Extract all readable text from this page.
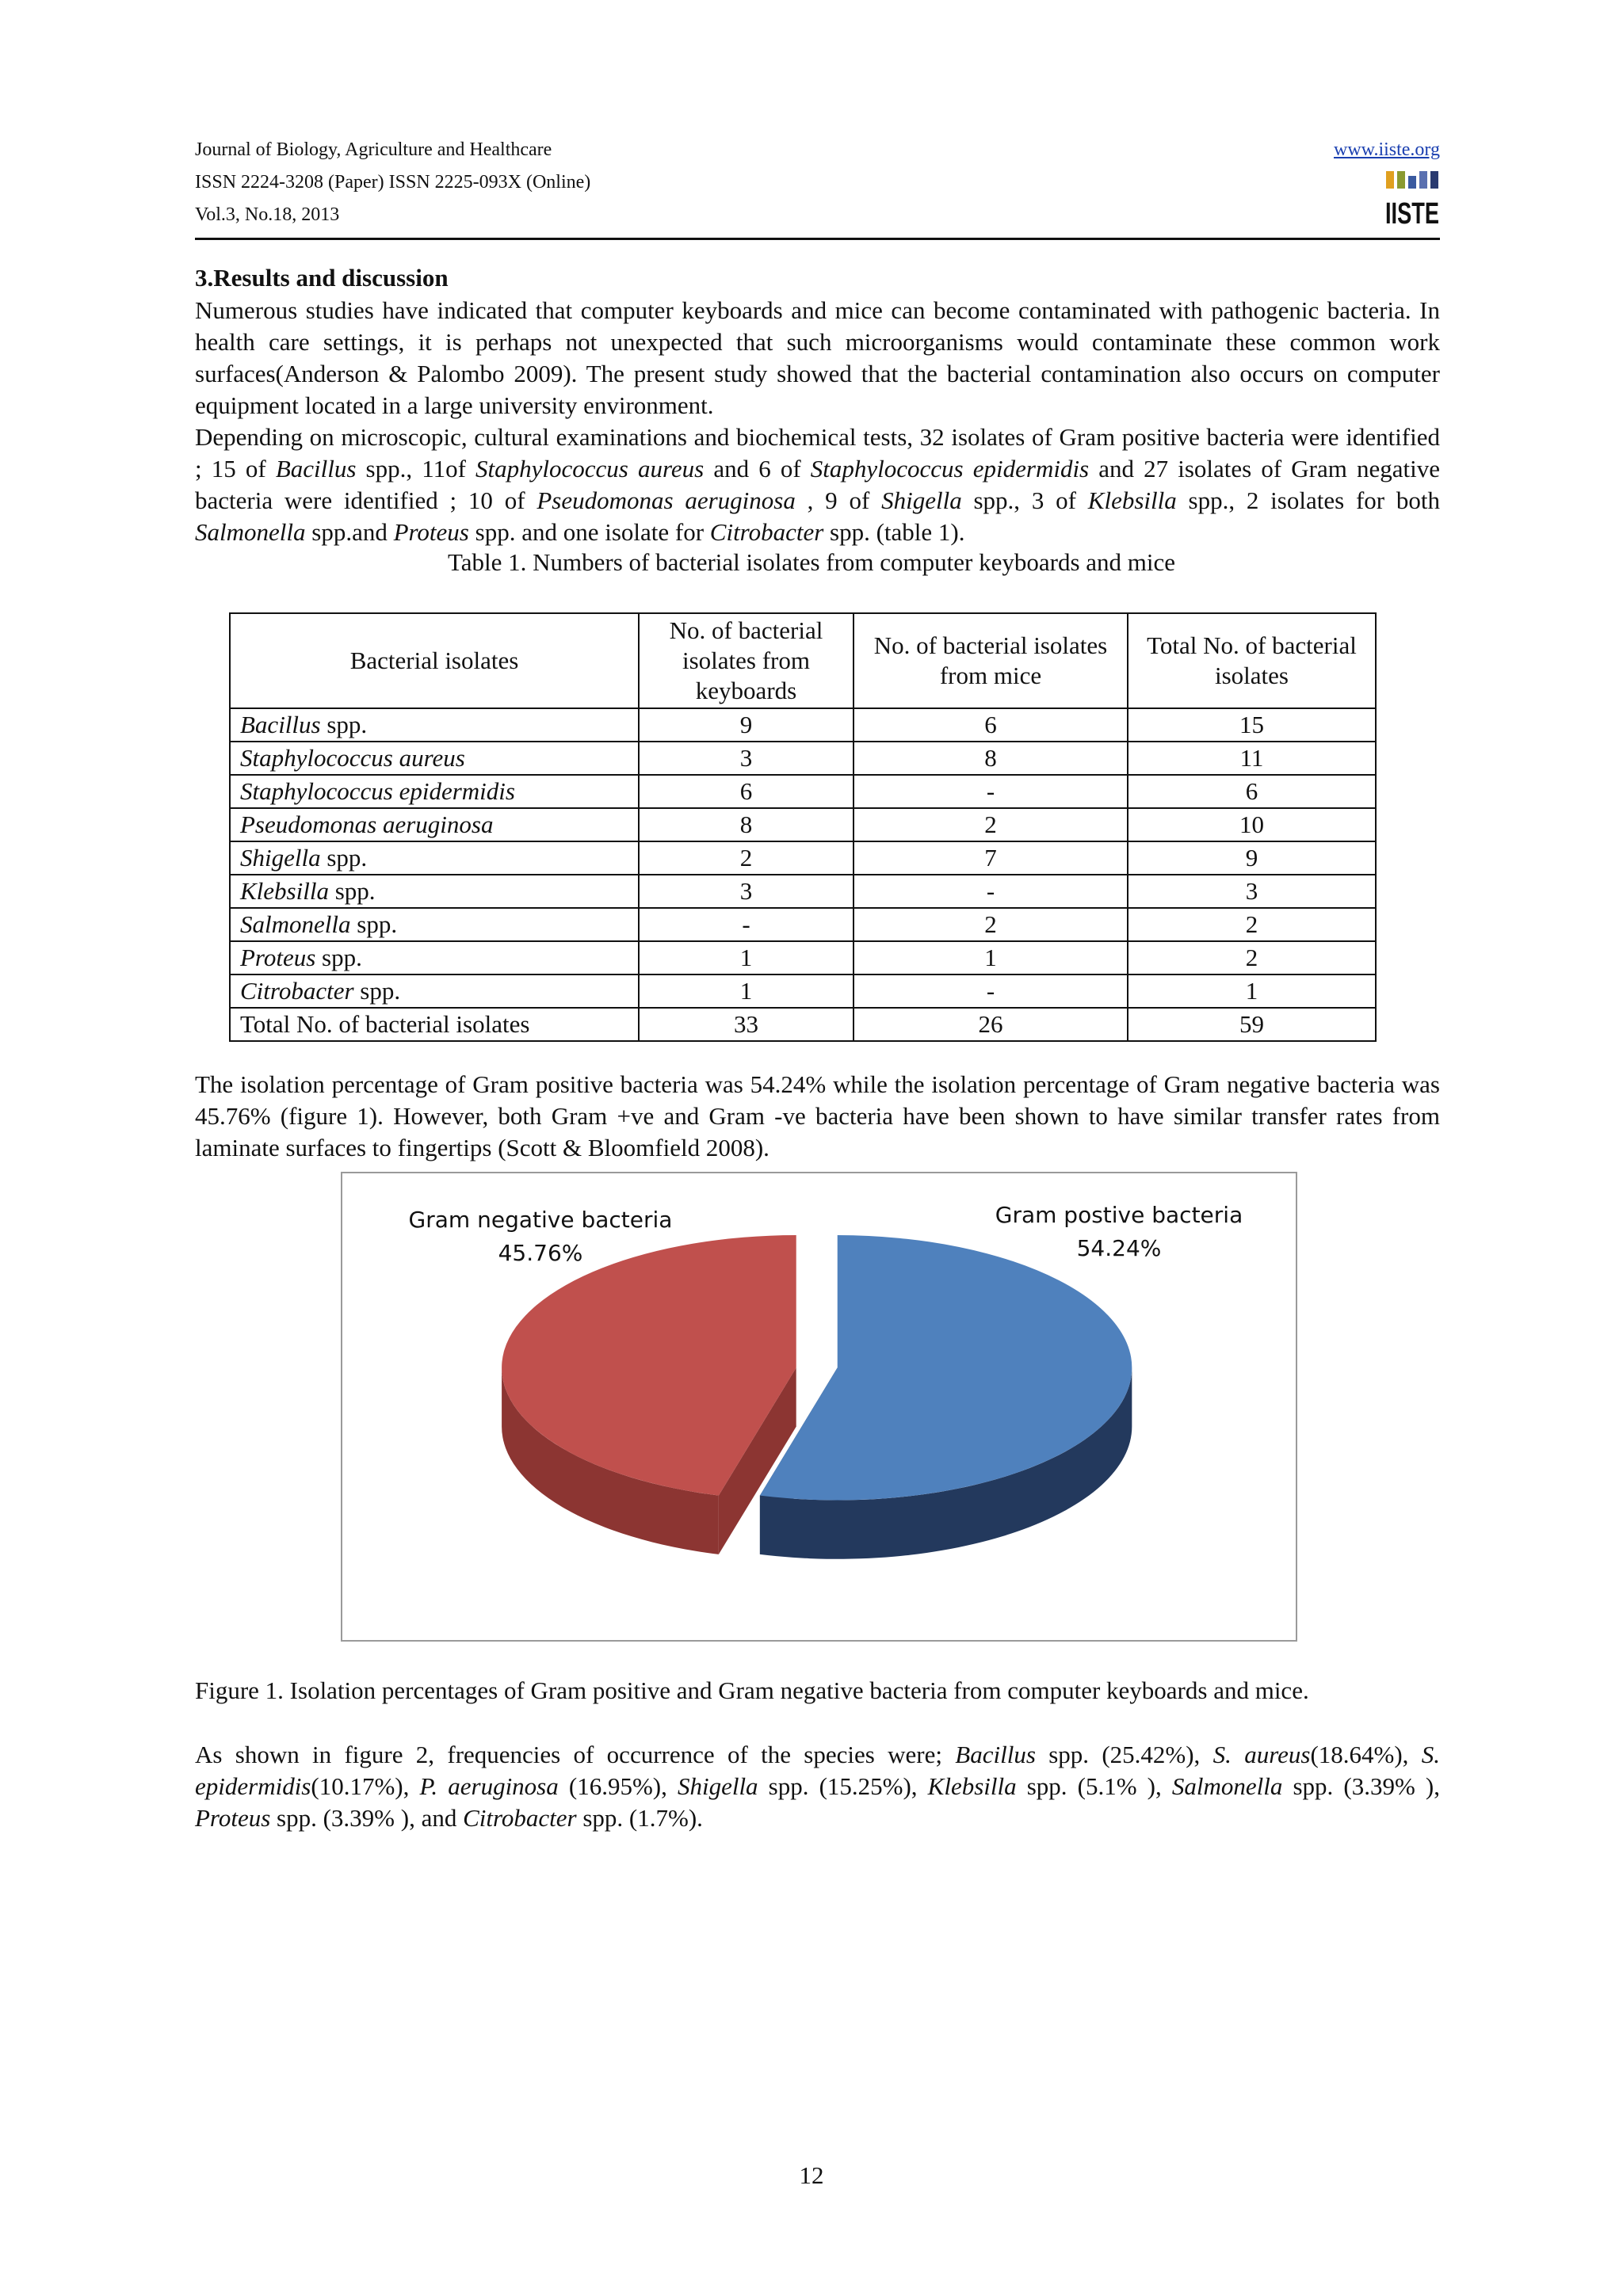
Journal of Biology, Agriculture and Healthcare
ISSN 2224-3208 (Paper) ISSN 2225-093X (Online)
Vol.3, No.18, 2013
www.iiste.org
IISTE
3.Results and discussion
Numerous studies have indicated that computer keyboards and mice can become contaminated with pathogenic bacteria. In health care settings, it is perhaps not unexpected that such microorganisms would contaminate these common work surfaces(Anderson & Palombo 2009). The present study showed that the bacterial contamination also occurs on computer equipment located in a large university environment.
Depending on microscopic, cultural examinations and biochemical tests, 32 isolates of Gram positive bacteria were identified ; 15 of Bacillus spp., 11of Staphylococcus aureus and 6 of Staphylococcus epidermidis and 27 isolates of Gram negative bacteria were identified ; 10 of Pseudomonas aeruginosa , 9 of Shigella spp., 3 of Klebsilla spp., 2 isolates for both Salmonella spp.and Proteus spp. and one isolate for Citrobacter spp. (table 1).
Table 1. Numbers of bacterial isolates from computer keyboards and mice
Bacterial isolates	No. of bacterial isolates from keyboards	No. of bacterial isolates from mice	Total No. of bacterial isolates
Bacillus spp.	9	6	15
Staphylococcus aureus	3	8	11
Staphylococcus epidermidis	6	-	6
Pseudomonas aeruginosa	8	2	10
Shigella spp.	2	7	9
Klebsilla spp.	3	-	3
Salmonella spp.	-	2	2
Proteus spp.	1	1	2
Citrobacter spp.	1	-	1
Total No. of bacterial isolates	33	26	59
The isolation percentage of Gram positive bacteria was 54.24% while the isolation percentage of Gram negative bacteria was 45.76% (figure 1). However, both Gram +ve and Gram -ve bacteria have been shown to have similar transfer rates from laminate surfaces to fingertips (Scott & Bloomfield 2008).
Gram negative bacteria
45.76%
Gram postive bacteria
54.24%
Figure 1. Isolation percentages of Gram positive and Gram negative bacteria from computer keyboards and mice.
As shown in figure 2, frequencies of occurrence of the species were; Bacillus spp. (25.42%), S. aureus(18.64%), S. epidermidis(10.17%), P. aeruginosa (16.95%), Shigella spp. (15.25%), Klebsilla spp. (5.1% ), Salmonella spp. (3.39% ), Proteus spp. (3.39% ), and Citrobacter spp. (1.7%).
12
